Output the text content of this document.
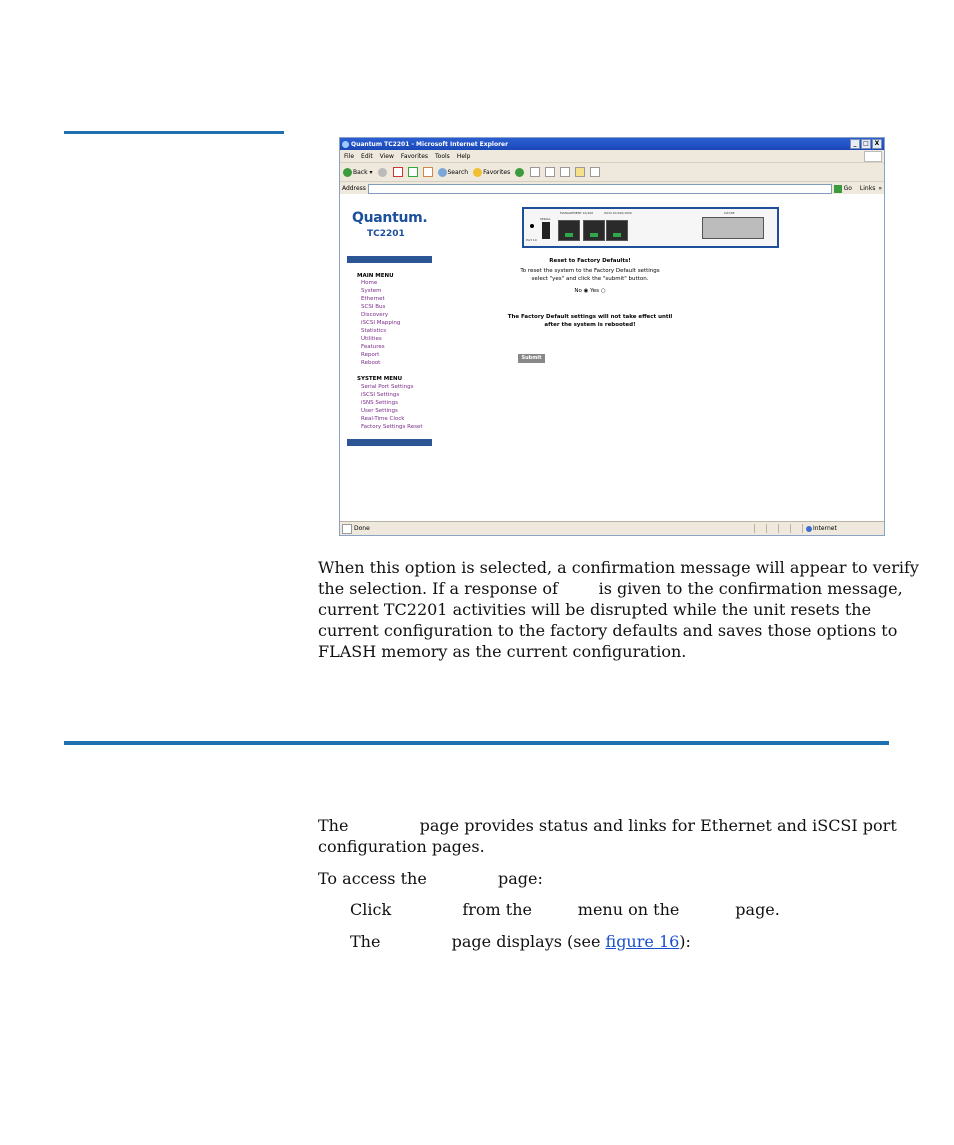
Quantum TC2201 - Microsoft Internet Explorer	_	□ X
File Edit View Favorites Tools Help
Back ▾	Search	Favorites
Address	Go Links »
Quantum.
TC2201
SERIAL
MANAGEMENT 10/100	ISCSI 10/100/1000	LVD/SE
Port 10
MAIN MENU
Home
System
Ethernet
SCSI Bus
Discovery
iSCSI Mapping
Statistics
Utilities
Features
Report
Reboot
SYSTEM MENU
Serial Port Settings
iSCSI Settings
iSNS Settings
User Settings
Real-Time Clock
Factory Settings Reset
Reset to Factory Defaults!
To reset the system to the Factory Default settings
select "yes" and click the "submit" button.
No ◉ Yes ○
Submit
The Factory Default settings will not take effect until
after the system is rebooted!
Done	Internet
When this option is selected, a confirmation message will appear to verify
the selection. If a response of        is given to the confirmation message,
current TC2201 activities will be disrupted while the unit resets the
current configuration to the factory defaults and saves those options to
FLASH memory as the current configuration.
The              page provides status and links for Ethernet and iSCSI port
configuration pages.
To access the              page:
Click              from the         menu on the           page.
The              page displays (see figure 16):
